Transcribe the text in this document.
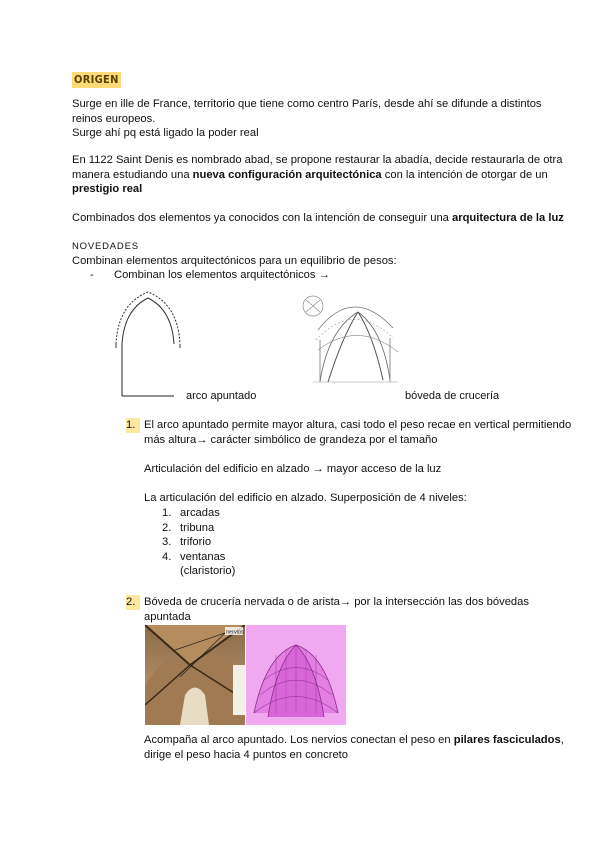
ORIGEN
Surge en ille de France, territorio que tiene como centro París, desde ahí se difunde a distintos reinos europeos.
Surge ahí pq está ligado la poder real
En 1122 Saint Denis es nombrado abad, se propone restaurar la abadía, decide restaurarla de otra manera estudiando una nueva configuración arquitectónica con la intención de otorgar de un prestigio real
Combinados dos elementos ya conocidos con la intención de conseguir una arquitectura de la luz
NOVEDADES
Combinan elementos arquitectónicos para un equilibrio de pesos:
- Combinan los elementos arquitectónicos →
arco apuntado	bóveda de crucería
1. El arco apuntado permite mayor altura, casi todo el peso recae en vertical permitiendo más altura→ carácter simbólico de grandeza por el tamaño
Articulación del edificio en alzado → mayor acceso de la luz
La articulación del edificio en alzado. Superposición de 4 niveles:
1. arcadas
2. tribuna
3. triforio
4. ventanas
(claristorio)
2. Bóveda de crucería nervada o de arista→ por la intersección las dos bóvedas apuntada
nervios
Acompaña al arco apuntado. Los nervios conectan el peso en pilares fasciculados, dirige el peso hacia 4 puntos en concreto
